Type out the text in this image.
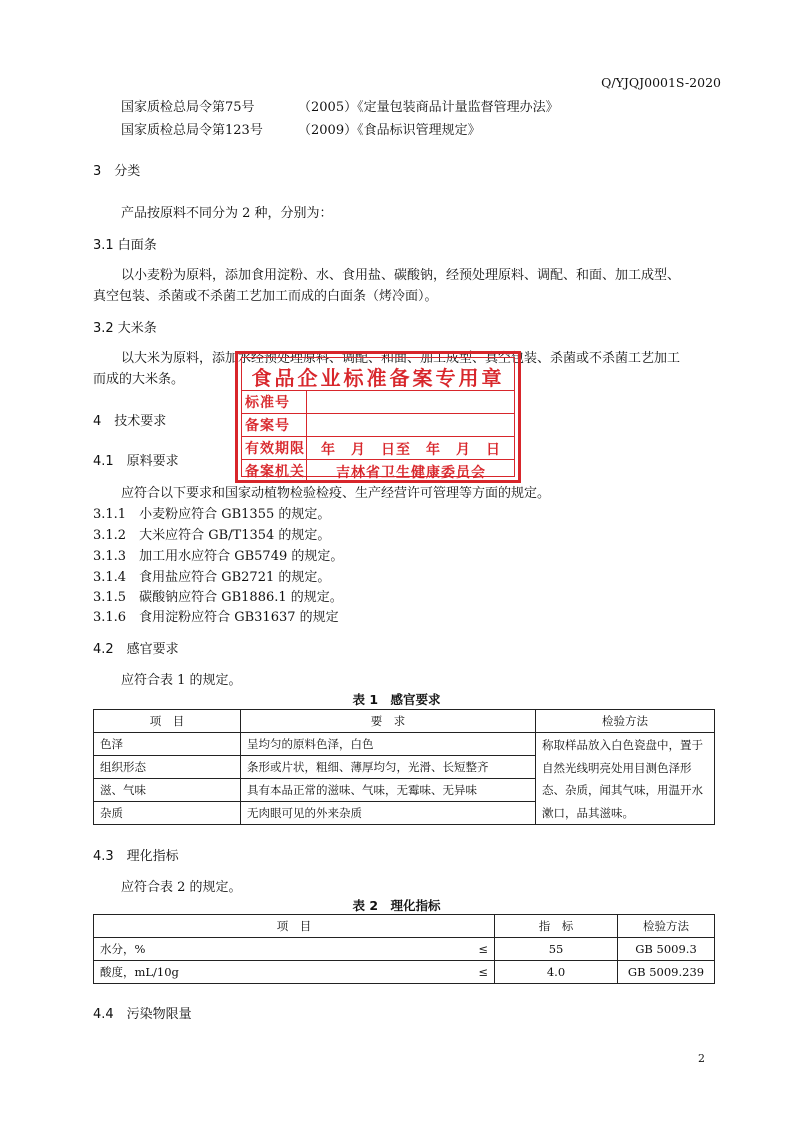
Q/YJQJ0001S-2020
国家质检总局令第75号	（2005）《定量包装商品计量监督管理办法》
国家质检总局令第123号	（2009）《食品标识管理规定》
3　分类
产品按原料不同分为 2 种，分别为：
3.1 白面条
以小麦粉为原料，添加食用淀粉、水、食用盐、碳酸钠，经预处理原料、调配、和面、加工成型、
真空包装、杀菌或不杀菌工艺加工而成的白面条（烤冷面）。
3.2 大米条
以大米为原料，添加水经预处理原料、调配、和面、加工成型、真空包装、杀菌或不杀菌工艺加工
而成的大米条。
4　技术要求
4.1　原料要求
应符合以下要求和国家动植物检验检疫、生产经营许可管理等方面的规定。
3.1.1　小麦粉应符合 GB1355 的规定。
3.1.2　大米应符合 GB/T1354 的规定。
3.1.3　加工用水应符合 GB5749 的规定。
3.1.4　食用盐应符合 GB2721 的规定。
3.1.5　碳酸钠应符合 GB1886.1 的规定。
3.1.6　食用淀粉应符合 GB31637 的规定
4.2　感官要求
应符合表 1 的规定。
表 1　感官要求
项　目	要　求	检验方法
色泽	呈均匀的原料色泽，白色	称取样品放入白色瓷盘中，置于自然光线明亮处用目测色泽形态、杂质，闻其气味，用温开水漱口，品其滋味。
组织形态	条形或片状，粗细、薄厚均匀，光滑、长短整齐	
滋、气味	具有本品正常的滋味、气味，无霉味、无异味	
杂质	无肉眼可见的外来杂质	
4.3　理化指标
应符合表 2 的规定。
表 2　理化指标
项　目		指　标	检验方法
水分，%	≤	55	GB 5009.3
酸度，mL/10g	≤	4.0	GB 5009.239
4.4　污染物限量
2
食品企业标准备案专用章
标准号
备案号
有效期限	年　月　日至　年　月　日
备案机关	吉林省卫生健康委员会
